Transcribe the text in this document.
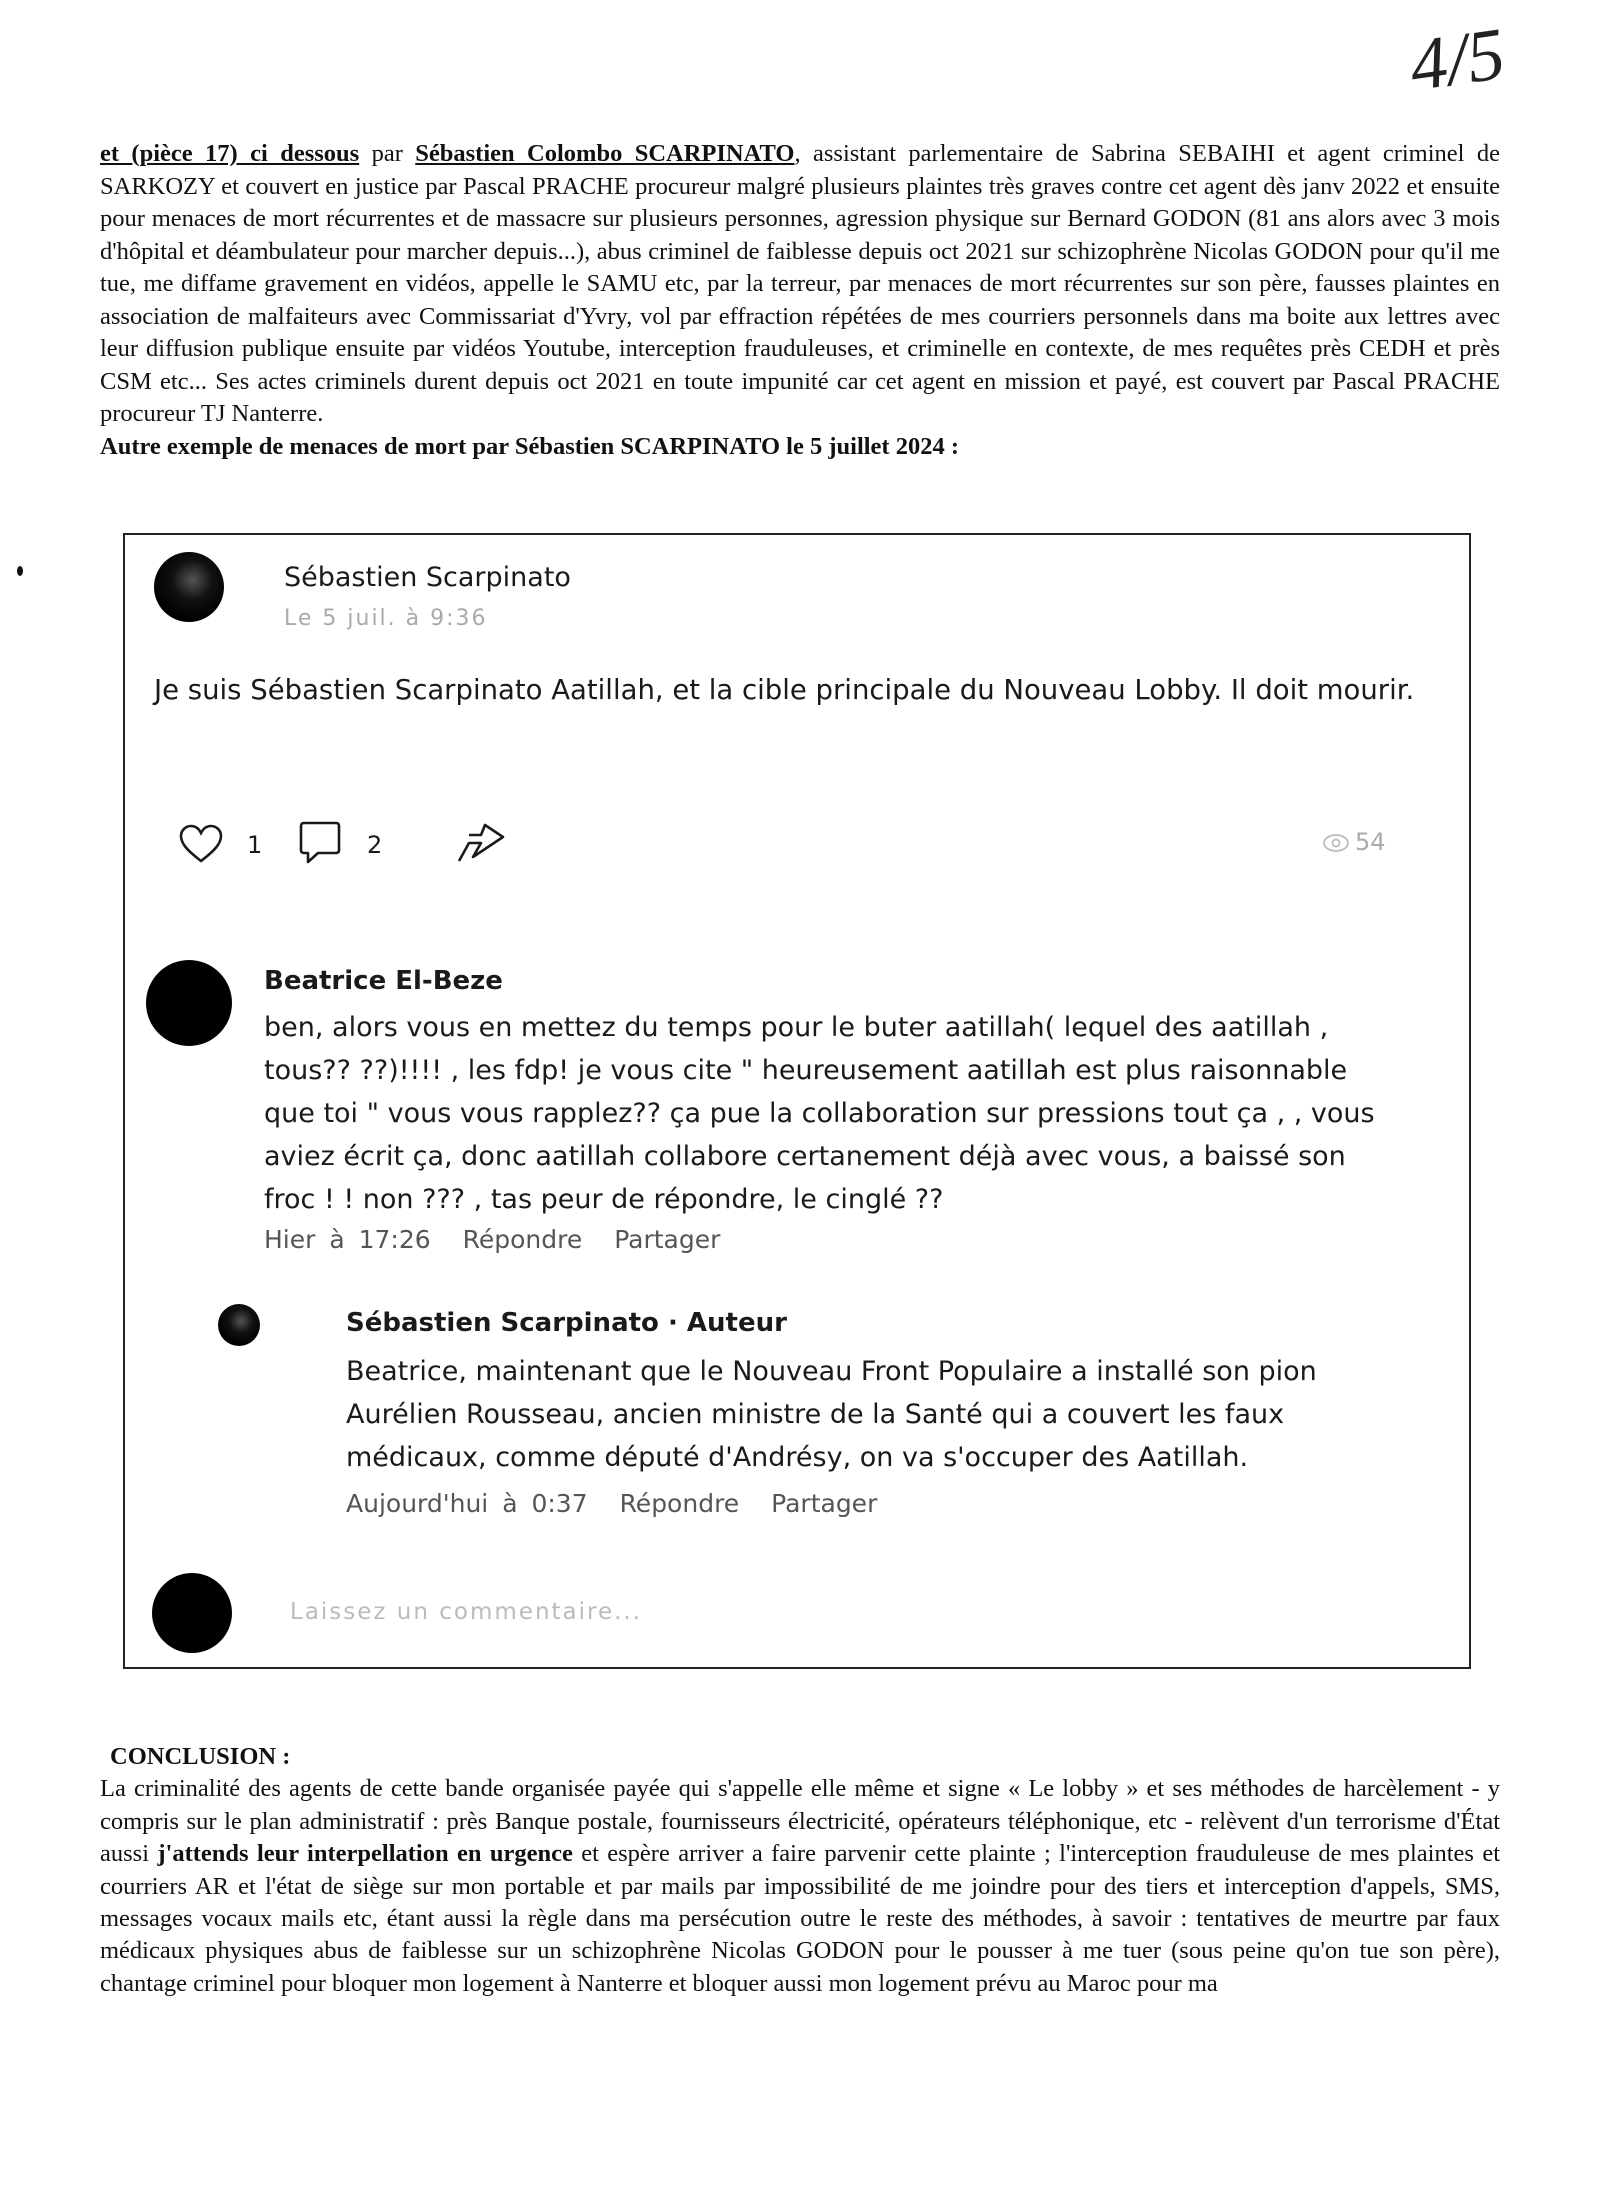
4/5

et (pièce 17) ci dessous par Sébastien Colombo SCARPINATO, assistant parlementaire de Sabrina SEBAIHI et agent criminel de SARKOZY et couvert en justice par Pascal PRACHE procureur malgré plusieurs plaintes très graves contre cet agent dès janv 2022 et ensuite pour menaces de mort récurrentes et de massacre sur plusieurs personnes, agression physique sur Bernard GODON (81 ans alors avec 3 mois d'hôpital et déambulateur pour marcher depuis...), abus criminel de faiblesse depuis oct 2021 sur schizophrène Nicolas GODON pour qu'il me tue, me diffame gravement en vidéos, appelle le SAMU etc, par la terreur, par menaces de mort récurrentes sur son père, fausses plaintes en association de malfaiteurs avec Commissariat d'Yvry, vol par effraction répétées de mes courriers personnels dans ma boite aux lettres avec leur diffusion publique ensuite par vidéos Youtube, interception frauduleuses, et criminelle en contexte, de mes requêtes près CEDH et près CSM etc... Ses actes criminels durent depuis oct 2021 en toute impunité car cet agent en mission et payé, est couvert par Pascal PRACHE procureur TJ Nanterre.

Autre exemple de menaces de mort par Sébastien SCARPINATO le 5 juillet 2024 :

Sébastien Scarpinato
Le 5 juil. à 9:36
Je suis Sébastien Scarpinato Aatillah, et la cible principale du Nouveau Lobby. Il doit mourir.
1	2	54
Beatrice El-Beze
ben, alors vous en mettez du temps pour le buter aatillah( lequel des aatillah , tous?? ??)!!!! , les fdp! je vous cite " heureusement aatillah est plus raisonnable que toi " vous vous rapplez?? ça pue la collaboration sur pressions tout ça , , vous aviez écrit ça, donc aatillah collabore certanement déjà avec vous, a baissé son froc ! ! non ??? , tas peur de répondre, le cinglé ??
Hier à 17:26 Répondre Partager
Sébastien Scarpinato · Auteur
Beatrice, maintenant que le Nouveau Front Populaire a installé son pion Aurélien Rousseau, ancien ministre de la Santé qui a couvert les faux médicaux, comme député d'Andrésy, on va s'occuper des Aatillah.
Aujourd'hui à 0:37 Répondre Partager
Laissez un commentaire...
CONCLUSION :

La criminalité des agents de cette bande organisée payée qui s'appelle elle même et signe « Le lobby » et ses méthodes de harcèlement - y compris sur le plan administratif : près Banque postale, fournisseurs électricité, opérateurs téléphonique, etc - relèvent d'un terrorisme d'État aussi j'attends leur interpellation en urgence et espère arriver a faire parvenir cette plainte ; l'interception frauduleuse de mes plaintes et courriers AR et l'état de siège sur mon portable et par mails par impossibilité de me joindre pour des tiers et interception d'appels, SMS, messages vocaux mails etc, étant aussi la règle dans ma persécution outre le reste des méthodes, à savoir : tentatives de meurtre par faux médicaux physiques abus de faiblesse sur un schizophrène Nicolas GODON pour le pousser à me tuer (sous peine qu'on tue son père), chantage criminel pour bloquer mon logement à Nanterre et bloquer aussi mon logement prévu au Maroc pour ma
